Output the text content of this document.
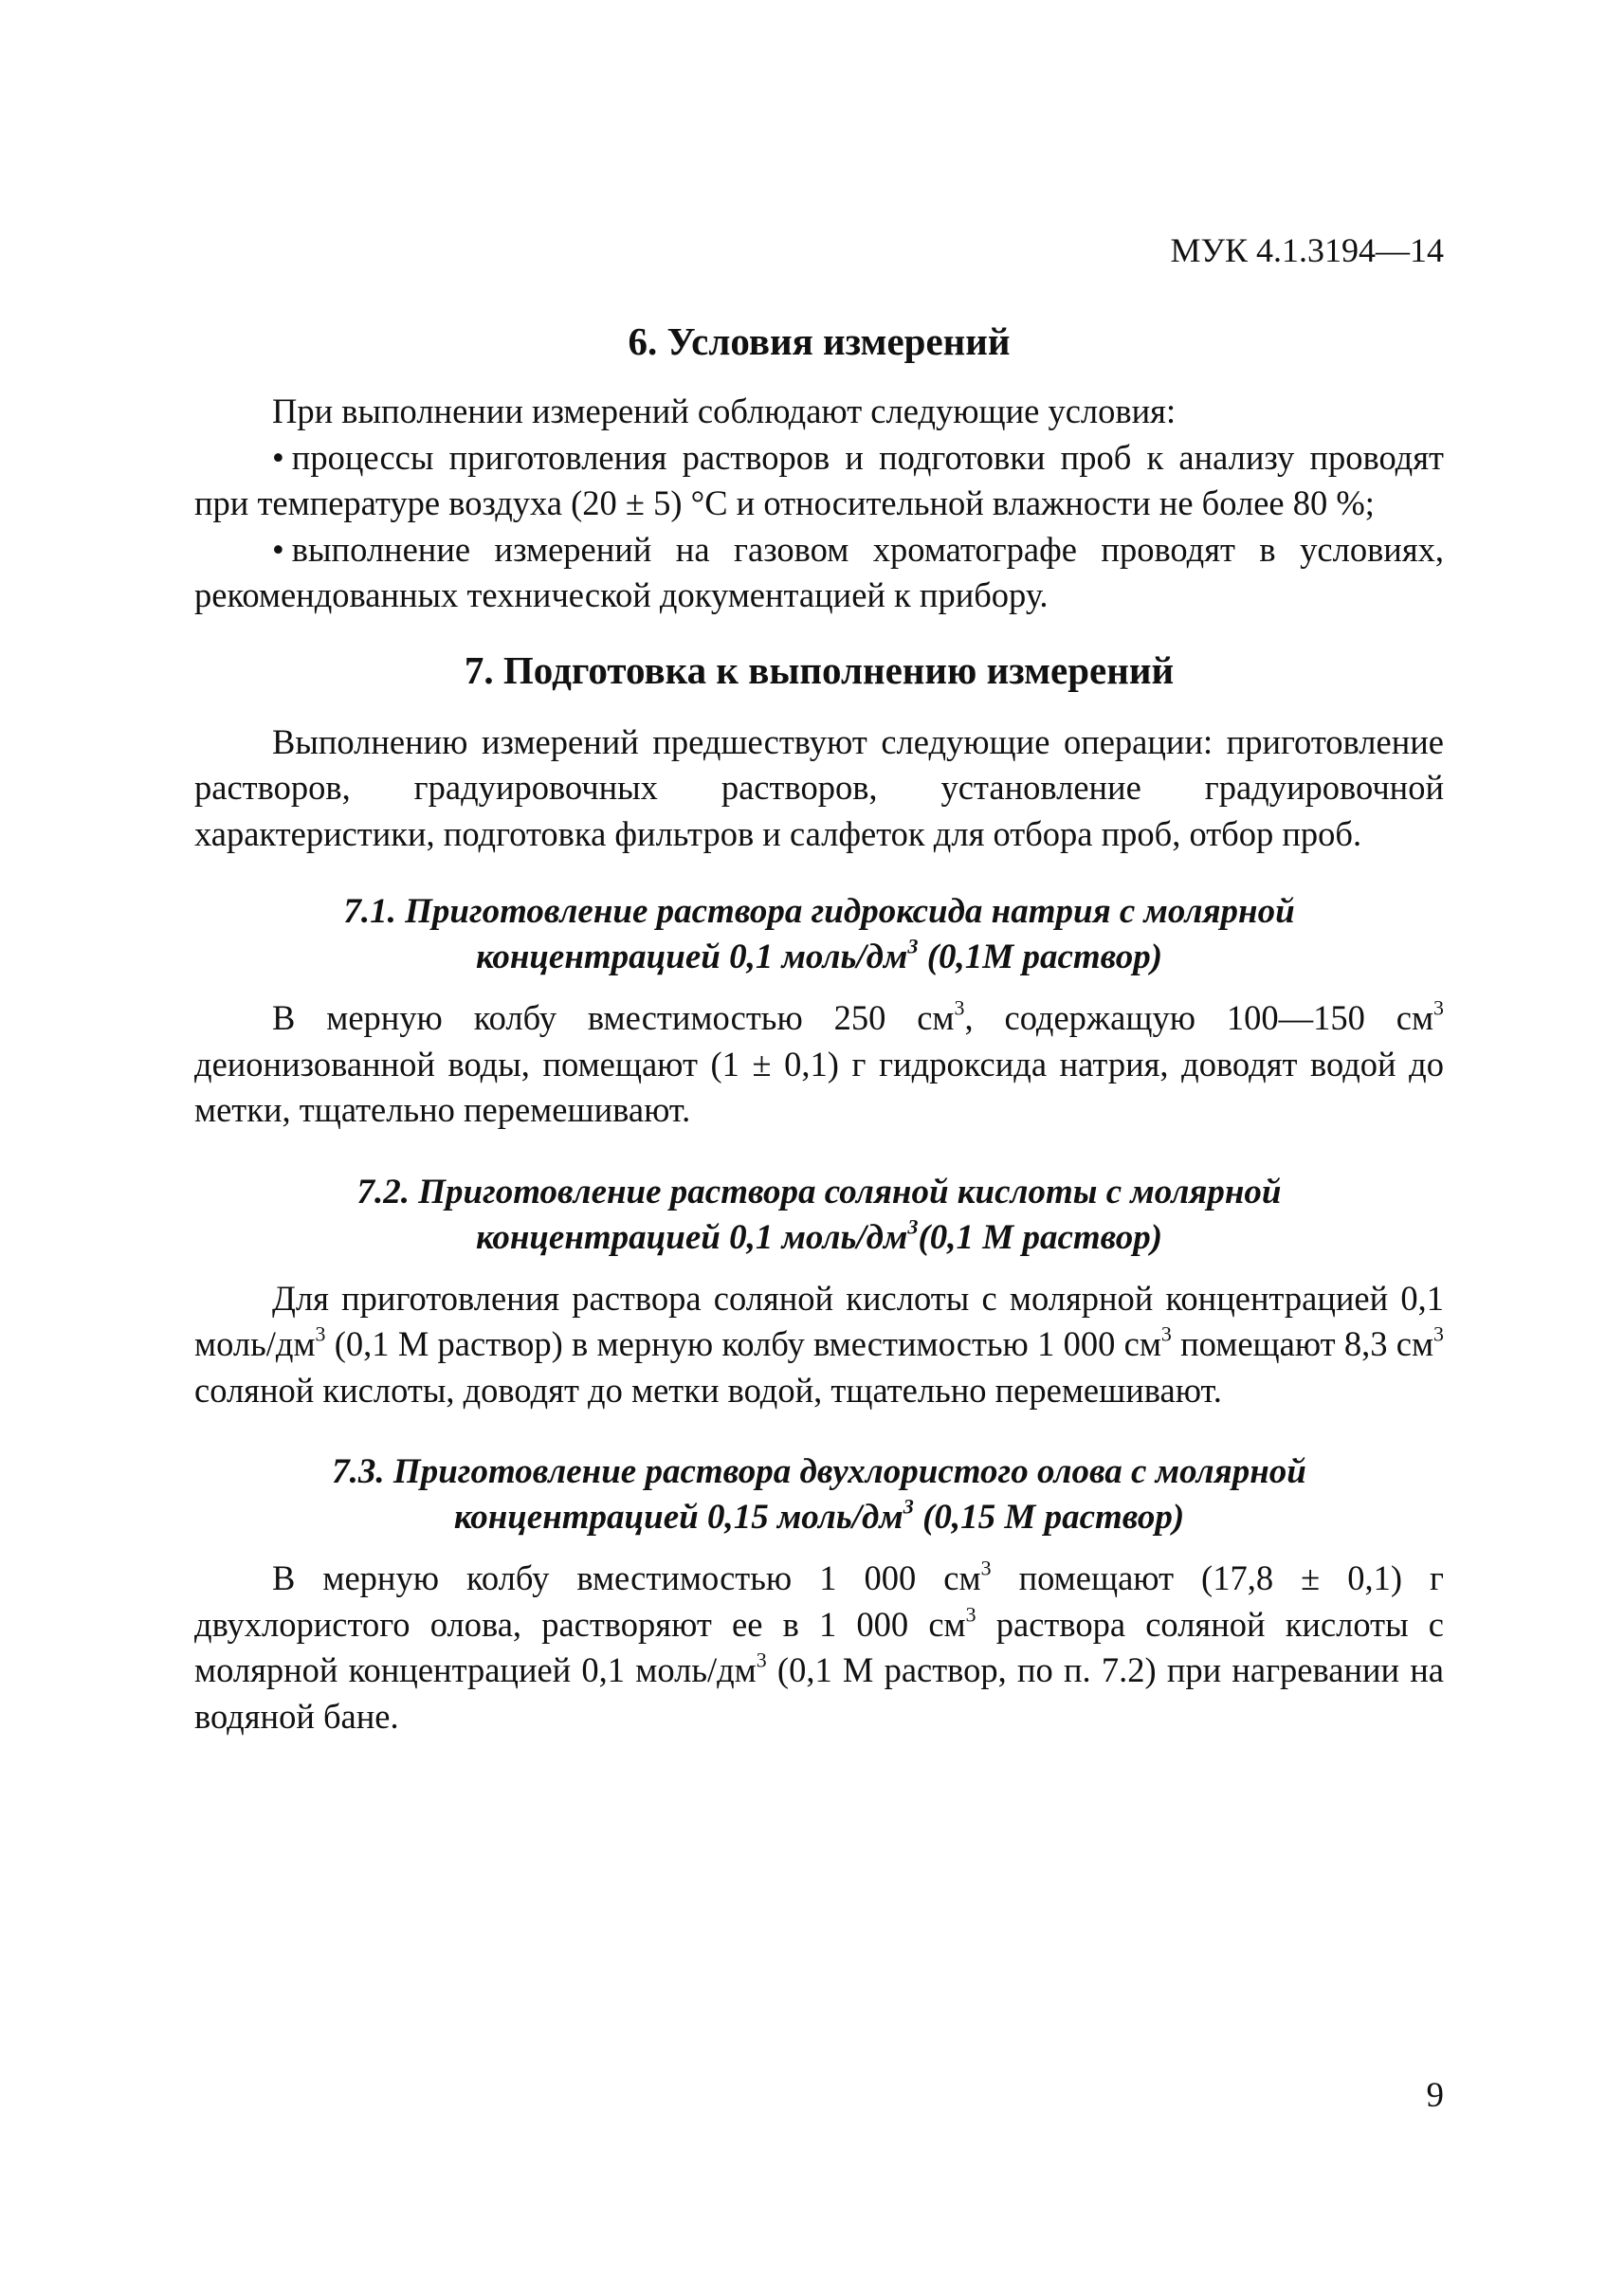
МУК 4.1.3194—14
6. Условия измерений

При выполнении измерений соблюдают следующие условия:

• процессы приготовления растворов и подготовки проб к анализу проводят при температуре воздуха (20 ± 5) °С и относительной влажности не более 80 %;

• выполнение измерений на газовом хроматографе проводят в условиях, рекомендованных технической документацией к прибору.

7. Подготовка к выполнению измерений

Выполнению измерений предшествуют следующие операции: приготовление растворов, градуировочных растворов, установление градуировочной характеристики, подготовка фильтров и салфеток для отбора проб, отбор проб.

7.1. Приготовление раствора гидроксида натрия с молярной
концентрацией 0,1 моль/$дм^3$ (0,1М раствор)

В мерную колбу вместимостью 250 $см^3$, содержащую 100—150 $см^3$ деионизованной воды, помещают (1 ± 0,1) г гидроксида натрия, доводят водой до метки, тщательно перемешивают.

7.2. Приготовление раствора соляной кислоты с молярной
концентрацией 0,1 моль/$дм^3(0,1$ М раствор)

Для приготовления раствора соляной кислоты с молярной концентрацией 0,1 моль/$дм^3$ (0,1 М раствор) в мерную колбу вместимостью 1 000 $см^3$ помещают 8,3 $см^3$ соляной кислоты, доводят до метки водой, тщательно перемешивают.

7.3. Приготовление раствора двухлористого олова с молярной
концентрацией 0,15 моль/$дм^3$ (0,15 М раствор)

В мерную колбу вместимостью 1 000 $см^3$ помещают (17,8 ± 0,1) г двухлористого олова, растворяют ее в 1 000 $см^3$ раствора соляной кислоты с молярной концентрацией 0,1 моль/$дм^3$ (0,1 М раствор, по п. 7.2) при нагревании на водяной бане.

9
